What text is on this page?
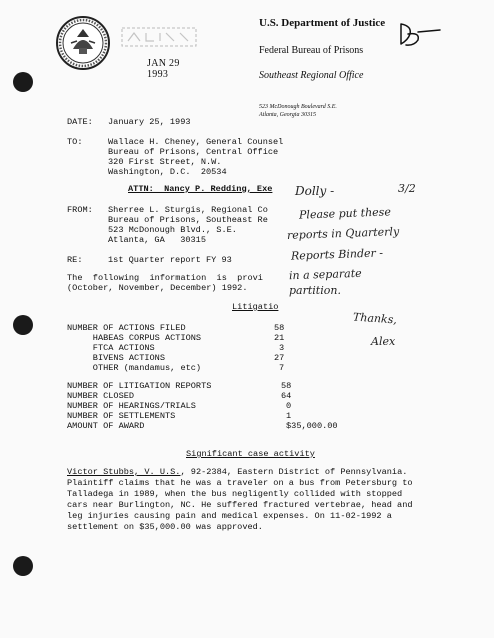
JAN 29 1993
U.S. Department of Justice
Federal Bureau of Prisons
Southeast Regional Office
523 McDonough Boulevard S.E.
Atlanta, Georgia 30315
DATE: January 25, 1993
TO:	Wallace H. Cheney, General Counsel
Bureau of Prisons, Central Office
320 First Street, N.W.
Washington, D.C.  20534
ATTN:  Nancy P. Redding, Exe
FROM: Sherree L. Sturgis, Regional Co
Bureau of Prisons, Southeast Re
523 McDonough Blvd., S.E.
Atlanta, GA   30315
RE:	1st Quarter report FY 93
The  following  information  is  provi
(October, November, December) 1992.
Litigatio
NUMBER OF ACTIONS FILED	58
HABEAS CORPUS ACTIONS	21
FTCA ACTIONS	3
BIVENS ACTIONS	27
OTHER (mandamus, etc)	7
NUMBER OF LITIGATION REPORTS	58
NUMBER CLOSED	64
NUMBER OF HEARINGS/TRIALS	0
NUMBER OF SETTLEMENTS	1
AMOUNT OF AWARD	$35,000.00
Significant case activity
Victor Stubbs, V. U.S., 92-2384, Eastern District of Pennsylvania.
Plaintiff claims that he was a traveler on a bus from Petersburg to
Talladega in 1989, when the bus negligently collided with stopped
cars near Burlington, NC. He suffered fractured vertebrae, head and
leg injuries causing pain and medical expenses. On 11-02-1992 a
settlement on $35,000.00 was approved.
3/2
Dolly -
Please put these
reports in Quarterly
Reports Binder -
in a separate
partition.
Thanks,
Alex
